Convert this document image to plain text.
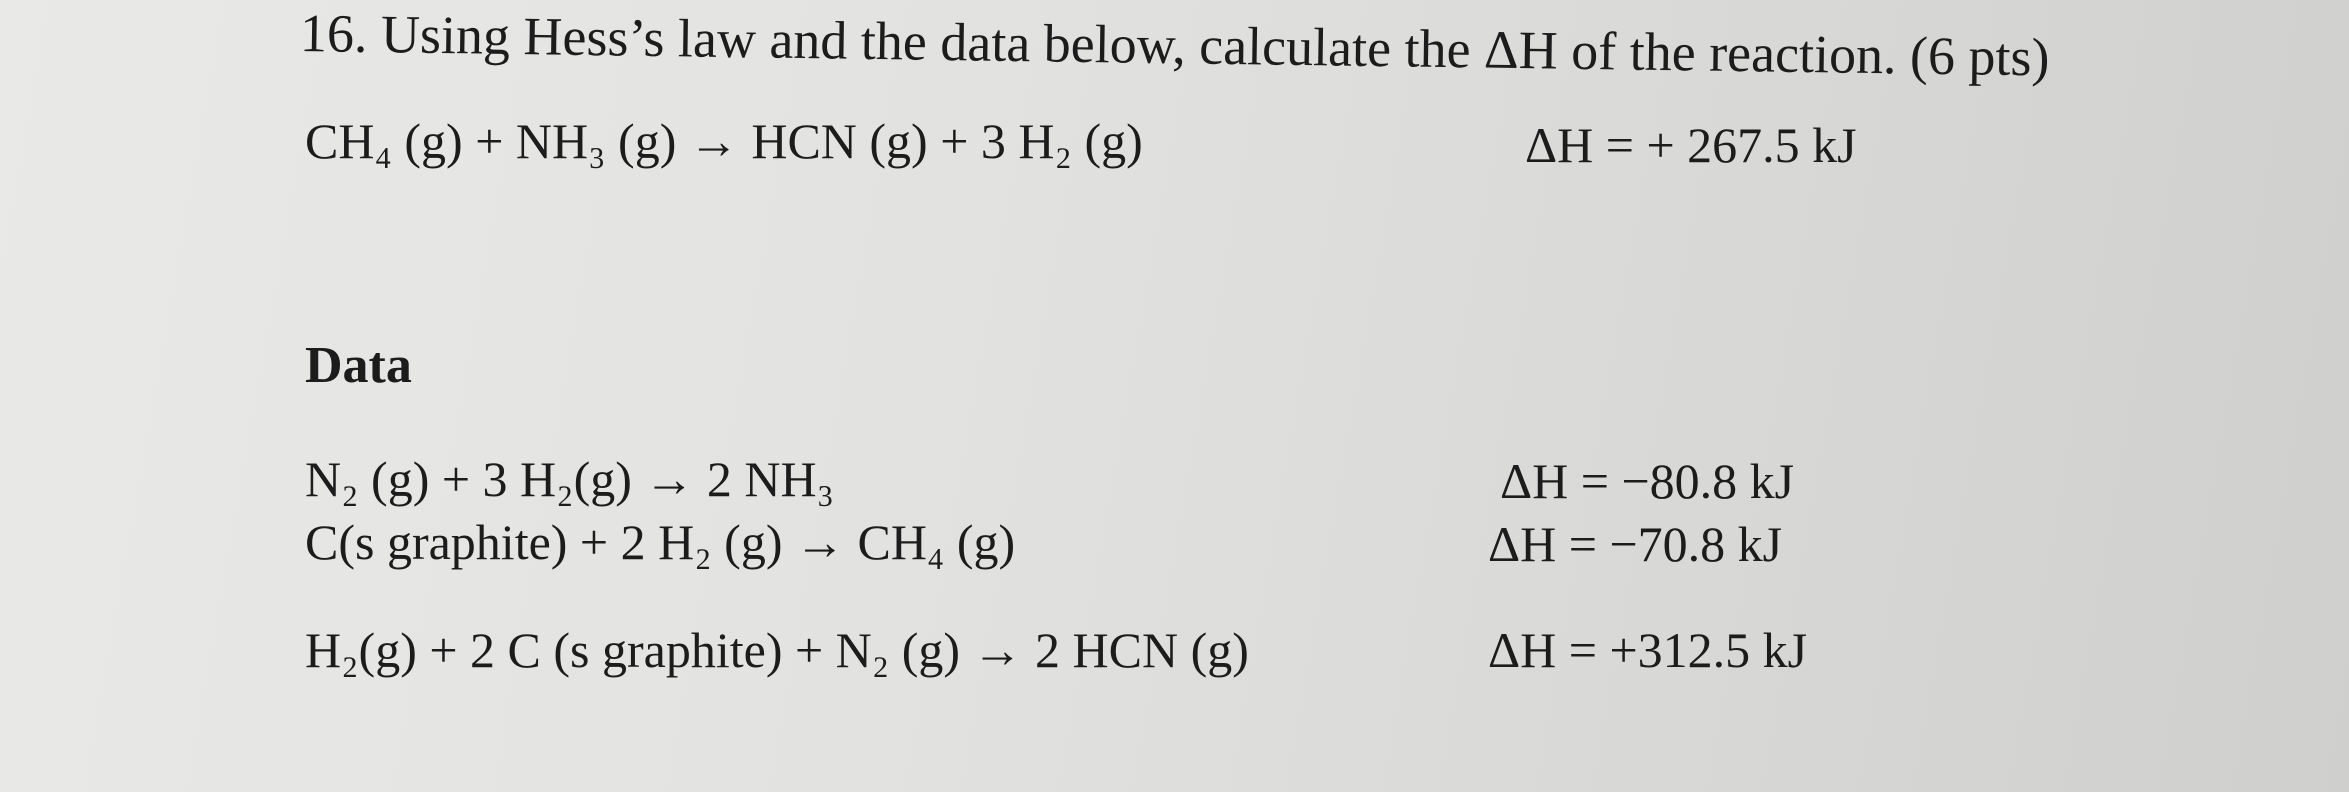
16. Using Hess’s law and the data below, calculate the ΔH of the reaction. (6 pts)
CH₄ (g) + NH₃ (g) → HCN (g) + 3 H₂ (g)	ΔH = + 267.5 kJ
Data
N₂ (g) + 3 H₂(g) → 2 NH₃	ΔH = −80.8 kJ
C(s graphite) + 2 H₂ (g) → CH₄ (g)	ΔH = −70.8 kJ
H₂(g) + 2 C (s graphite) + N₂ (g) → 2 HCN (g)	ΔH = +312.5 kJ
